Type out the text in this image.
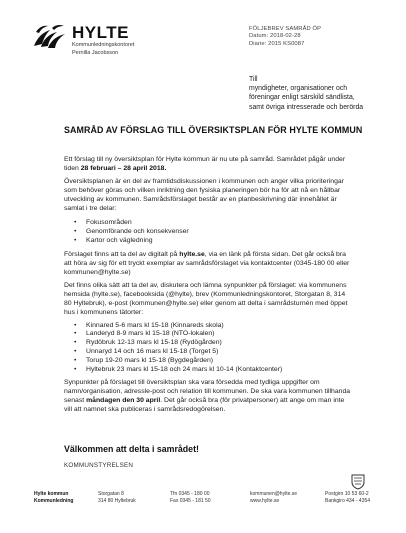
HYLTE
Kommunledningskontoret
Pernilla Jacobsson
FÖLJEBREV SAMRÅD ÖP
Datum: 2018-02-28
Diarie: 2015 KS0087
Till
myndigheter, organisationer och
föreningar enligt särskild sändlista,
samt övriga intresserade och berörda
SAMRÅD AV FÖRSLAG TILL ÖVERSIKTSPLAN FÖR HYLTE KOMMUN

Ett förslag till ny översiktsplan för Hylte kommun är nu ute på samråd. Samrådet pågår under tiden 28 februari – 28 april 2018.

Översiktsplanen är en del av framtidsdiskussionen i kommunen och anger vilka prioriteringar som behöver göras och vilken inriktning den fysiska planeringen bör ha för att nå en hållbar utveckling av kommunen. Samrådsförslaget består av en planbeskrivning där innehållet är samlat i tre delar:

• Fokusområden
• Genomförande och konsekvenser
• Kartor och vägledning

Förslaget finns att ta del av digitalt på hylte.se, via en länk på första sidan. Det går också bra att höra av sig för ett tryckt exemplar av samrådsförslaget via kontaktcenter (0345-180 00 eller kommunen@hylte.se)

Det finns olika sätt att ta del av, diskutera och lämna synpunkter på förslaget: via kommunens hemsida (hylte.se), facebooksida (@hylte), brev (Kommunledningskontoret, Storgatan 8, 314 80 Hyltebruk), e-post (kommunen@hylte.se) eller genom att delta i samrådsturnén med öppet hus i kommunens tätorter:

• Kinnared 5-6 mars kl 15-18 (Kinnareds skola)
• Landeryd 8-9 mars kl 15-18 (NTO-lokalen)
• Rydöbruk 12-13 mars kl 15-18 (Rydögården)
• Unnaryd 14 och 16 mars kl 15-18 (Torget 5)
• Torup 19-20 mars kl 15-18 (Bygdegården)
• Hyltebruk 23 mars kl 15-18 och 24 mars kl 10-14 (Kontaktcenter)

Synpunkter på förslaget till översiktsplan ska vara försedda med tydliga uppgifter om namn/organisation, adressle-post och relation till kommunen. De ska vara kommunen tillhanda senast måndagen den 30 april. Det går också bra (för privatpersoner) att ange om man inte vill att namnet ska publiceras i samrådsredogörelsen.

Välkommen att delta i samrådet!
KOMMUNSTYRELSEN
Hylte kommun
Kommunledning
Storgatan 8
314 80 Hyltebruk
Tfn 0345 - 180 00
Fax 0345 - 181 50
kommunen@hylte.se
www.hylte.se
Postgiro 10 53 60-2
Bankgiro 434 - 4354
